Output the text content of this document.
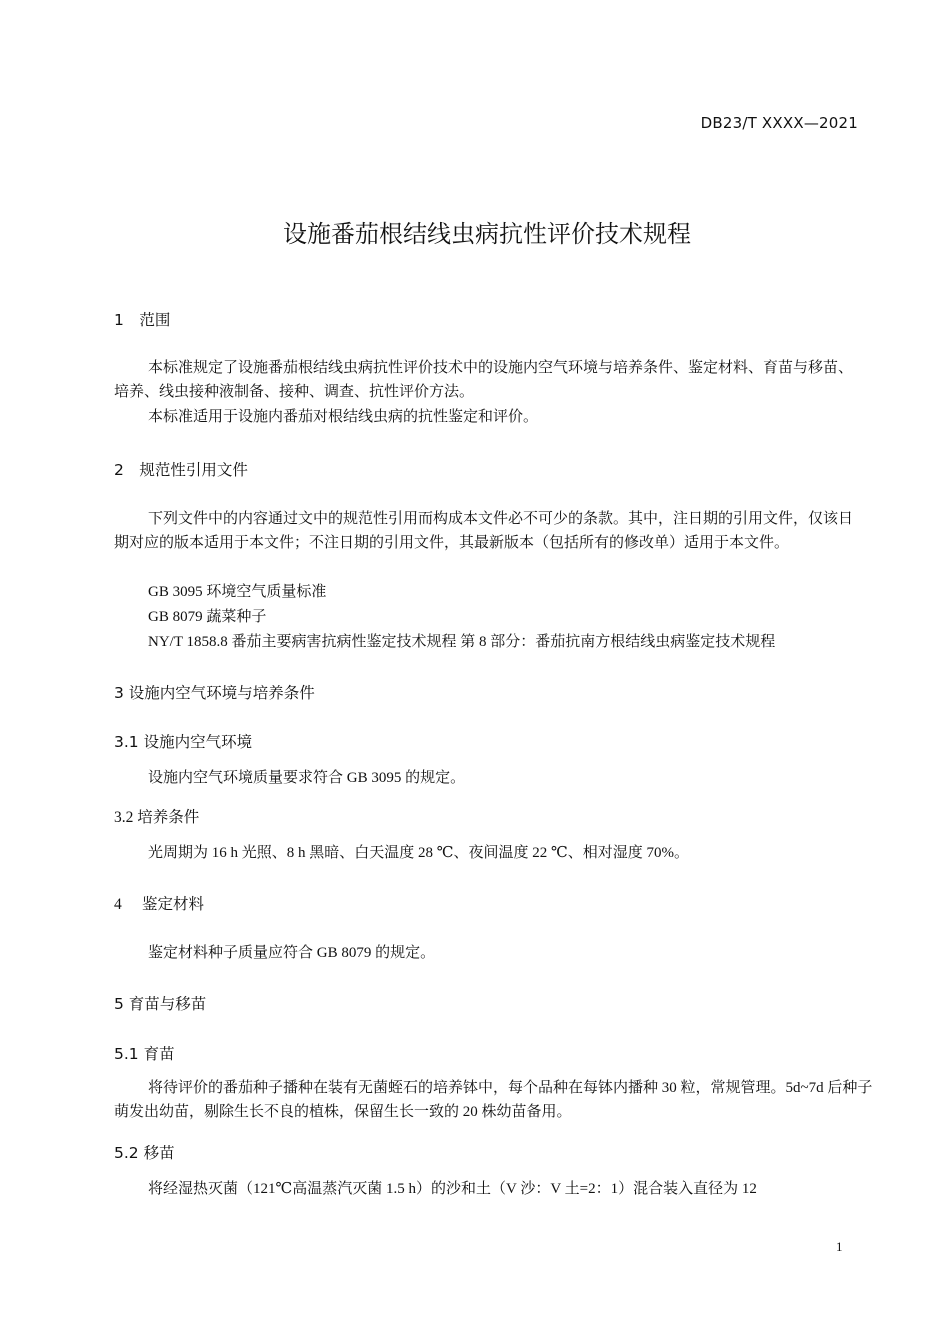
DB23/T XXXX—2021
设施番茄根结线虫病抗性评价技术规程
1　范围

本标准规定了设施番茄根结线虫病抗性评价技术中的设施内空气环境与培养条件、鉴定材料、育苗与移苗、培养、线虫接种液制备、接种、调查、抗性评价方法。

本标准适用于设施内番茄对根结线虫病的抗性鉴定和评价。

2　规范性引用文件

下列文件中的内容通过文中的规范性引用而构成本文件必不可少的条款。其中，注日期的引用文件，仅该日期对应的版本适用于本文件；不注日期的引用文件，其最新版本（包括所有的修改单）适用于本文件。

GB 3095 环境空气质量标准
GB 8079 蔬菜种子
NY/T 1858.8 番茄主要病害抗病性鉴定技术规程 第 8 部分：番茄抗南方根结线虫病鉴定技术规程
3 设施内空气环境与培养条件
3.1 设施内空气环境

设施内空气环境质量要求符合 GB 3095 的规定。

3.2 培养条件

光周期为 16 h 光照、8 h 黑暗、白天温度 28 ℃、夜间温度 22 ℃、相对湿度 70%。

4 鉴定材料

鉴定材料种子质量应符合 GB 8079 的规定。

5 育苗与移苗
5.1 育苗

将待评价的番茄种子播种在装有无菌蛭石的培养钵中，每个品种在每钵内播种 30 粒，常规管理。5d~7d 后种子萌发出幼苗，剔除生长不良的植株，保留生长一致的 20 株幼苗备用。

5.2 移苗

将经湿热灭菌（121℃高温蒸汽灭菌 1.5 h）的沙和土（V 沙：V 土=2：1）混合装入直径为 12

1
